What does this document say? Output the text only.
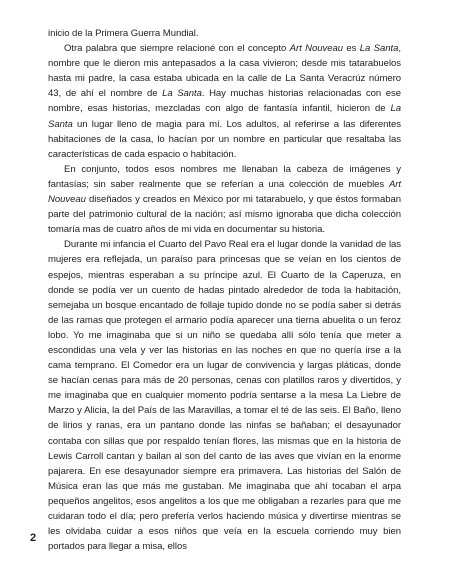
inicio de la Primera Guerra Mundial.

Otra palabra que siempre relacioné con el concepto Art Nouveau es La Santa, nombre que le dieron mis antepasados a la casa vivieron; desde mis tatarabuelos hasta mi padre, la casa estaba ubicada en la calle de La Santa Veracrúz número 43, de ahí el nombre de La Santa. Hay muchas historias relacionadas con ese nombre, esas historias, mezcladas con algo de fantasía infantil, hicieron de La Santa un lugar lleno de magia para mí. Los adultos, al referirse a las diferentes habitaciones de la casa, lo hacían por un nombre en particular que resaltaba las características de cada espacio o habitación.

En conjunto, todos esos nombres me llenaban la cabeza de imágenes y fantasías; sin saber realmente que se referían a una colección de muebles Art Nouveau diseñados y creados en México por mi tatarabuelo, y que éstos formaban parte del patrimonio cultural de la nación; así mismo ignoraba que dicha colección tomaría mas de cuatro años de mi vida en documentar su historia.

Durante mi infancia el Cuarto del Pavo Real era el lugar donde la vanidad de las mujeres era reflejada, un paraíso para princesas que se veían en los cientos de espejos, mientras esperaban a su príncipe azul. El Cuarto de la Caperuza, en donde se podía ver un cuento de hadas pintado alrededor de toda la habitación, semejaba un bosque encantado de follaje tupido donde no se podía saber si detrás de las ramas que protegen el armario podía aparecer una tierna abuelita o un feroz lobo. Yo me imaginaba que si un niño se quedaba allí sólo tenía que meter a escondidas una vela y ver las historias en las noches en que no quería irse a la cama temprano. El Comedor era un lugar de convivencia y largas pláticas, donde se hacían cenas para más de 20 personas, cenas con platillos raros y divertidos, y me imaginaba que en cualquier momento podría sentarse a la mesa La Liebre de Marzo y Alicia, la del País de las Maravillas, a tomar el té de las seis. El Baño, lleno de lirios y ranas, era un pantano donde las ninfas se bañaban; el desayunador contaba con sillas que por respaldo tenían flores, las mismas que en la historia de Lewis Carroll cantan y bailan al son del canto de las aves que vivían en la enorme pajarera. En ese desayunador siempre era primavera. Las historias del Salón de Música eran las que más me gustaban. Me imaginaba que ahí tocaban el arpa pequeños angelitos, esos angelitos a los que me obligaban a rezarles para que me cuidaran todo el día; pero prefería verlos haciendo música y divertirse mientras se les olvidaba cuidar a esos niños que veía en la escuela corriendo muy bien portados para llegar a misa, ellos

2
